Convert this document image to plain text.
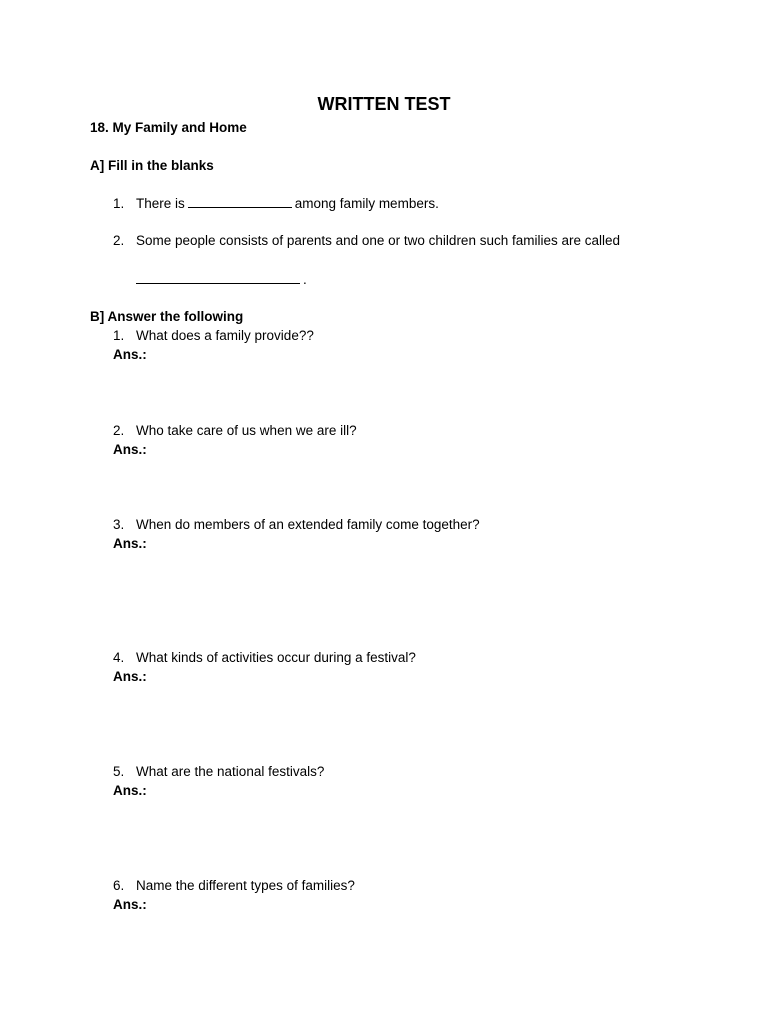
WRITTEN TEST
18. My Family and Home
A] Fill in the blanks
1. There is	among family members.
2. Some people consists of parents and one or two children such families are called
.
B] Answer the following
1. What does a family provide??
Ans.:
2. Who take care of us when we are ill?
Ans.:
3. When do members of an extended family come together?
Ans.:
4. What kinds of activities occur during a festival?
Ans.:
5. What are the national festivals?
Ans.:
6. Name the different types of families?
Ans.:
